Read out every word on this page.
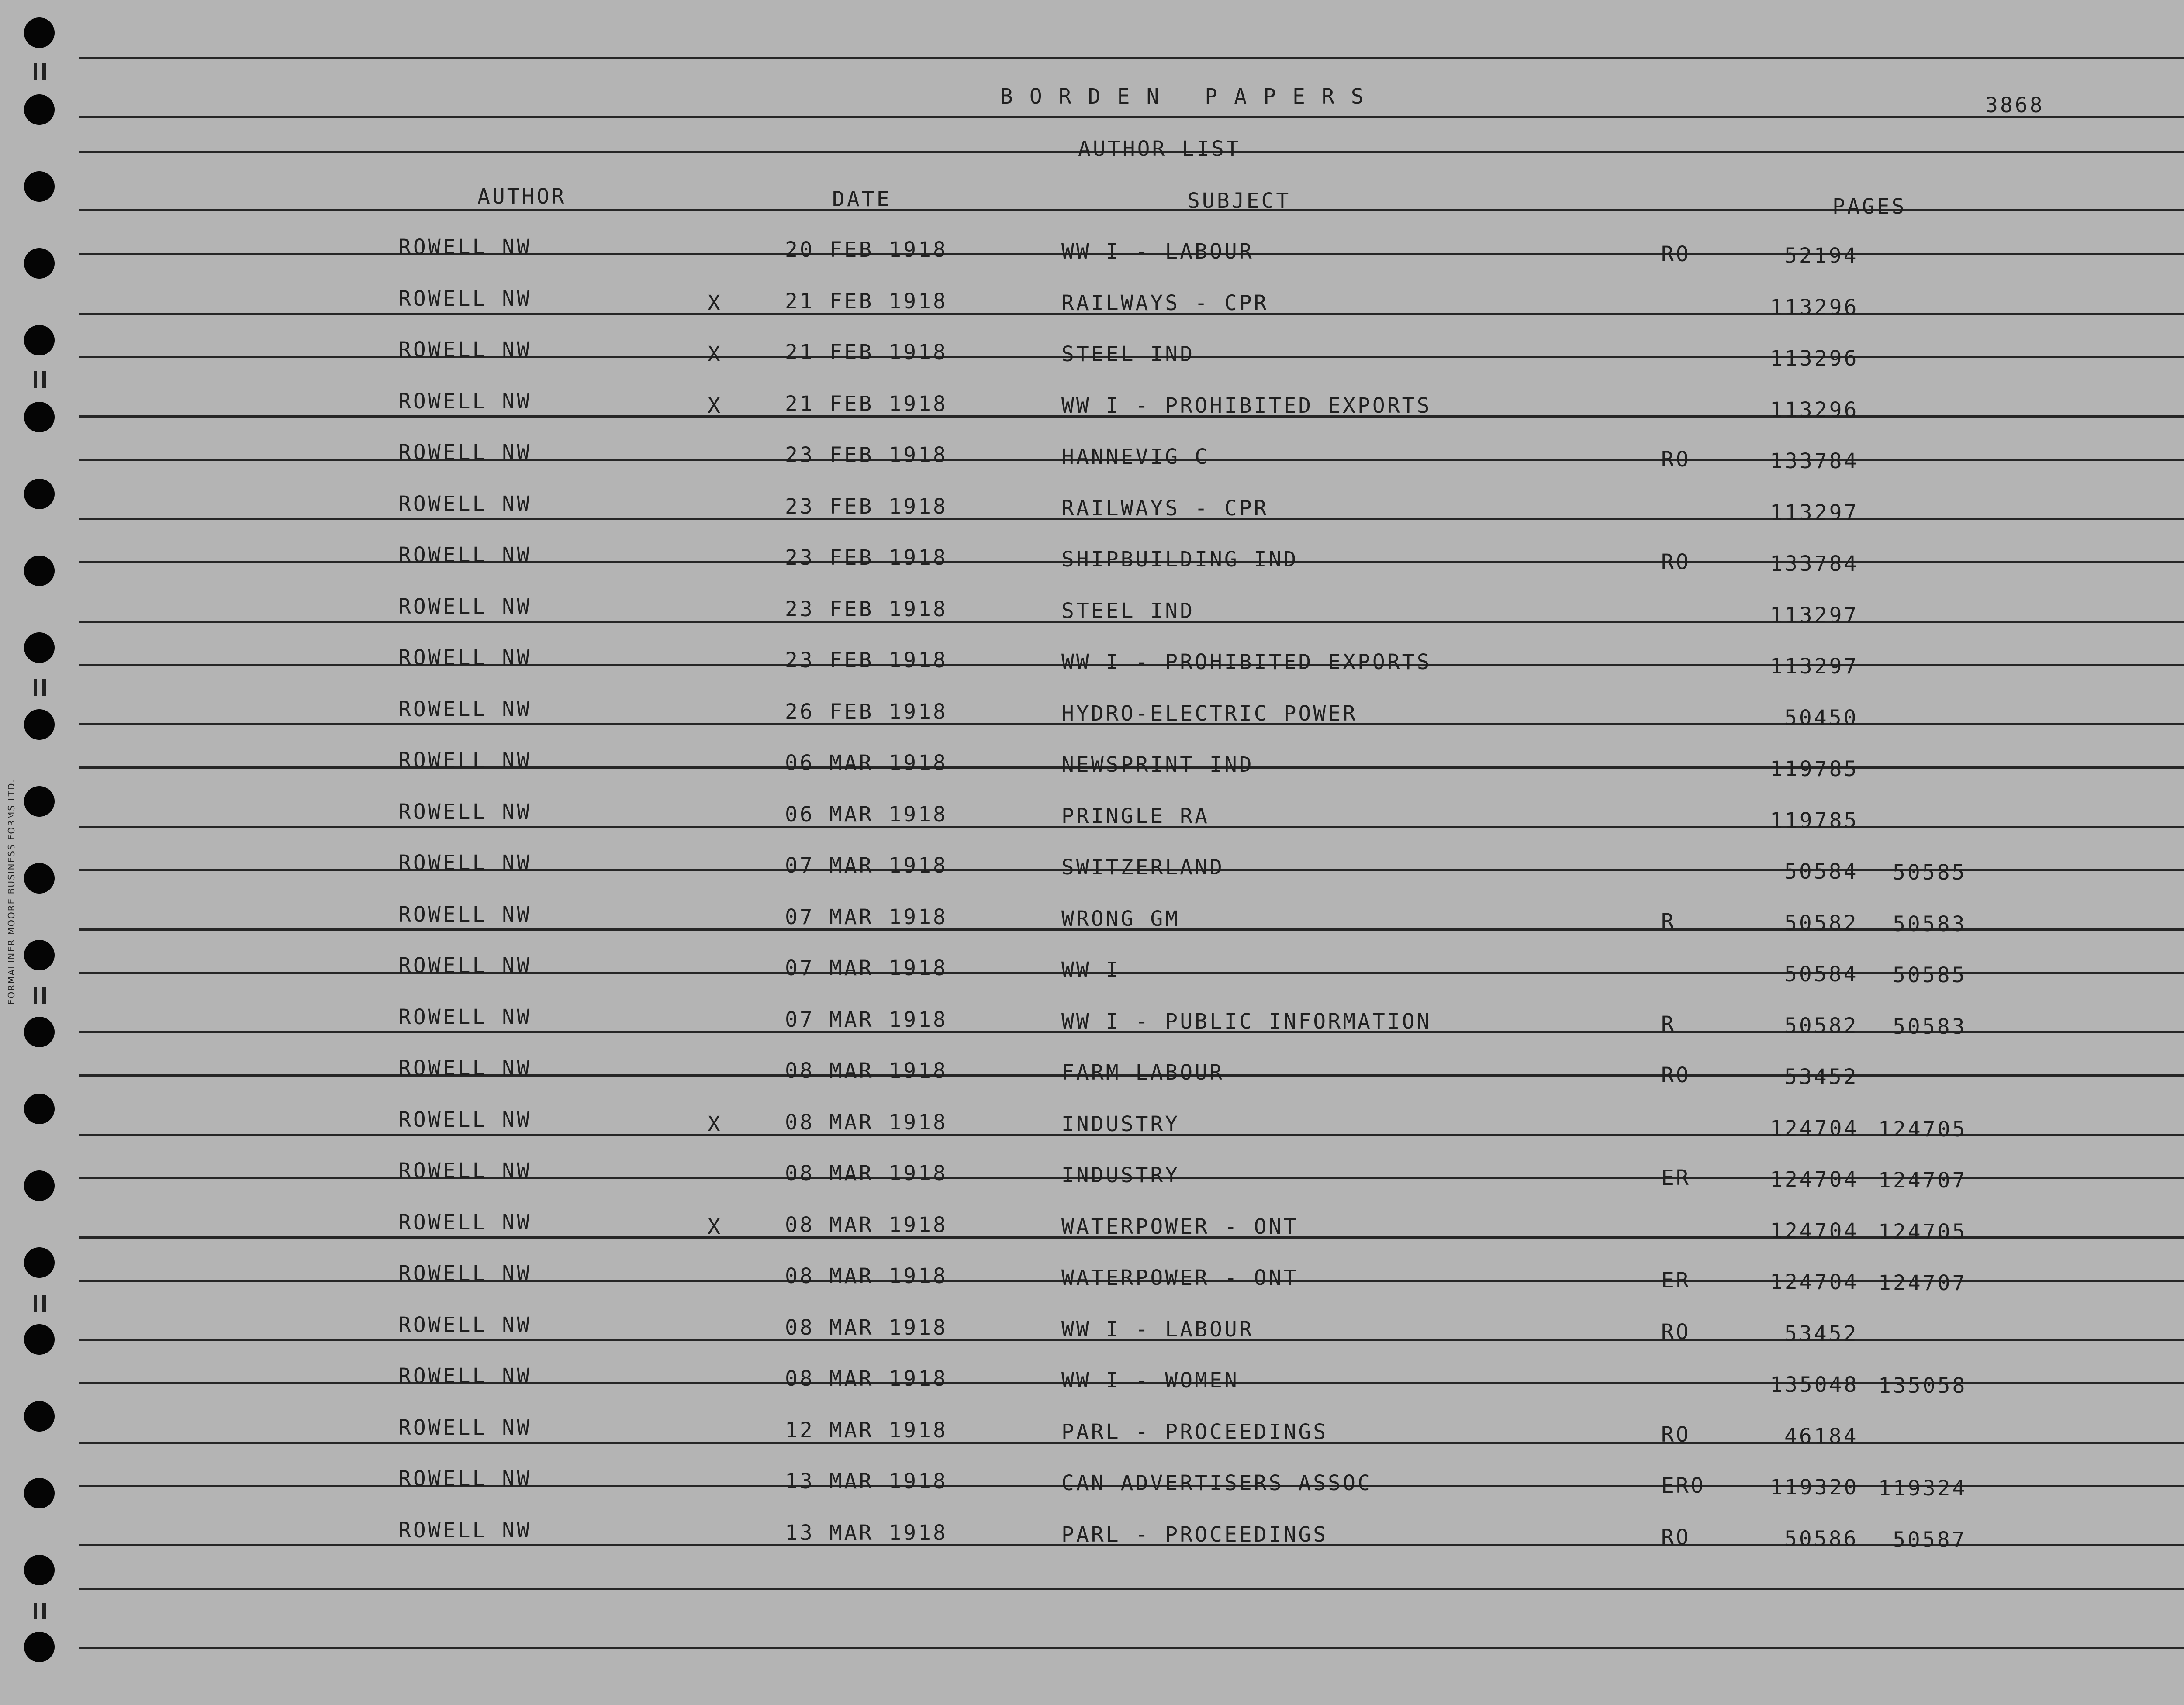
BORDEN PAPERS	3868
AUTHOR LIST
AUTHOR	DATE	SUBJECT	PAGES
FORMALINER MOORE BUSINESS FORMS LTD.
ROWELL NW	20 FEB 1918	WW I - LABOUR	RO	52194
ROWELL NW	X	21 FEB 1918	RAILWAYS - CPR	113296
ROWELL NW	X	21 FEB 1918	STEEL IND	113296
ROWELL NW	X	21 FEB 1918	WW I - PROHIBITED EXPORTS	113296
ROWELL NW	23 FEB 1918	HANNEVIG C	RO	133784
ROWELL NW	23 FEB 1918	RAILWAYS - CPR	113297
ROWELL NW	23 FEB 1918	SHIPBUILDING IND	RO	133784
ROWELL NW	23 FEB 1918	STEEL IND	113297
ROWELL NW	23 FEB 1918	WW I - PROHIBITED EXPORTS	113297
ROWELL NW	26 FEB 1918	HYDRO-ELECTRIC POWER	50450
ROWELL NW	06 MAR 1918	NEWSPRINT IND	119785
ROWELL NW	06 MAR 1918	PRINGLE RA	119785
ROWELL NW	07 MAR 1918	SWITZERLAND	50584 50585
ROWELL NW	07 MAR 1918	WRONG GM	R	50582 50583
ROWELL NW	07 MAR 1918	WW I	50584 50585
ROWELL NW	07 MAR 1918	WW I - PUBLIC INFORMATION	R	50582 50583
ROWELL NW	08 MAR 1918	FARM LABOUR	RO	53452
ROWELL NW	X	08 MAR 1918	INDUSTRY	124704 124705
ROWELL NW	08 MAR 1918	INDUSTRY	ER	124704 124707
ROWELL NW	X	08 MAR 1918	WATERPOWER - ONT	124704 124705
ROWELL NW	08 MAR 1918	WATERPOWER - ONT	ER	124704 124707
ROWELL NW	08 MAR 1918	WW I - LABOUR	RO	53452
ROWELL NW	08 MAR 1918	WW I - WOMEN	135048 135058
ROWELL NW	12 MAR 1918	PARL - PROCEEDINGS	RO	46184
ROWELL NW	13 MAR 1918	CAN ADVERTISERS ASSOC	ERO	119320 119324
ROWELL NW	13 MAR 1918	PARL - PROCEEDINGS	RO	50586 50587
